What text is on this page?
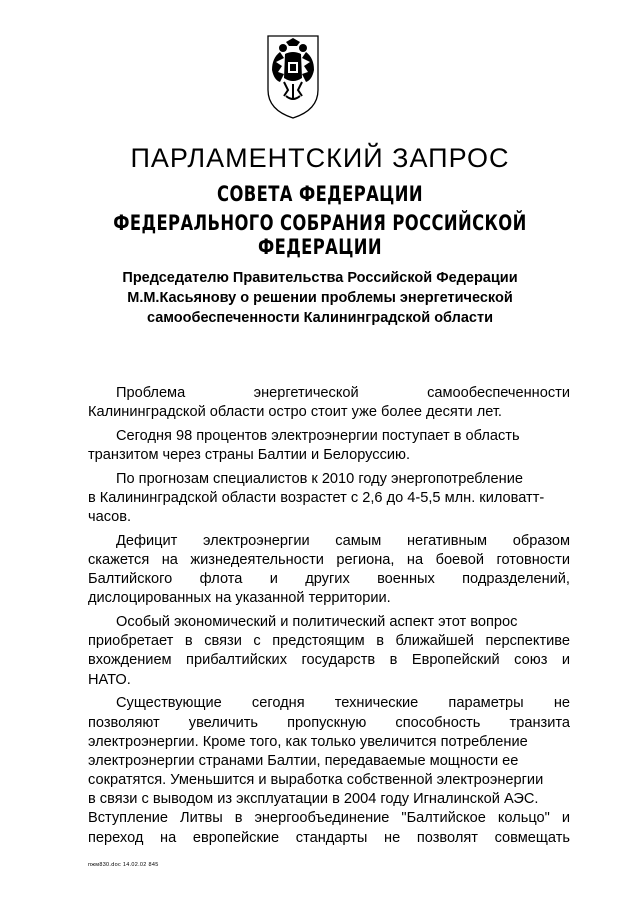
ПАРЛАМЕНТСКИЙ ЗАПРОС
СОВЕТА ФЕДЕРАЦИИ
ФЕДЕРАЛЬНОГО СОБРАНИЯ РОССИЙСКОЙ ФЕДЕРАЦИИ
Председателю Правительства Российской Федерации
М.М.Касьянову о решении проблемы энергетической
самообеспеченности Калининградской области
Проблема энергетической самообеспеченности
Калининградской области остро стоит уже более десяти лет.
Сегодня 98 процентов электроэнергии поступает в область
транзитом через страны Балтии и Белоруссию.
По прогнозам специалистов к 2010 году энергопотребление
в Калининградской области возрастет с 2,6 до 4-5,5 млн. киловатт-
часов.
Дефицит электроэнергии самым негативным образом
скажется на жизнедеятельности региона, на боевой готовности
Балтийского флота и других военных подразделений,
дислоцированных на указанной территории.
Особый экономический и политический аспект этот вопрос
приобретает в связи с предстоящим в ближайшей перспективе
вхождением прибалтийских государств в Европейский союз и
НАТО.
Существующие сегодня технические параметры не
позволяют увеличить пропускную способность транзита
электроэнергии. Кроме того, как только увеличится потребление
электроэнергии странами Балтии, передаваемые мощности ее
сократятся. Уменьшится и выработка собственной электроэнергии
в связи с выводом из эксплуатации в 2004 году Игналинской АЭС.
Вступление Литвы в энергообъединение "Балтийское кольцо" и
переход на европейские стандарты не позволят совмещать
пжм830.doc 14.02.02 845
